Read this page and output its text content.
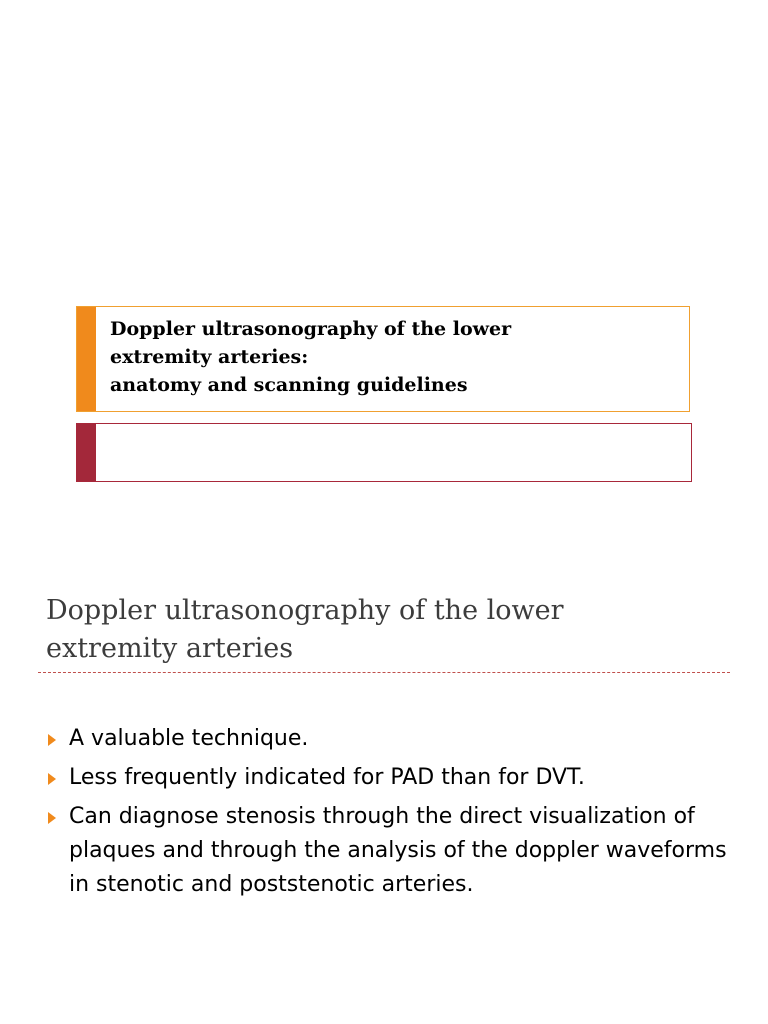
Doppler ultrasonography of the lower
extremity arteries:
anatomy and scanning guidelines
Doppler ultrasonography of the lower
extremity arteries
A valuable technique.
Less frequently indicated for PAD than for DVT.
Can diagnose stenosis through the direct visualization of plaques and through the analysis of the doppler waveforms in stenotic and poststenotic arteries.
